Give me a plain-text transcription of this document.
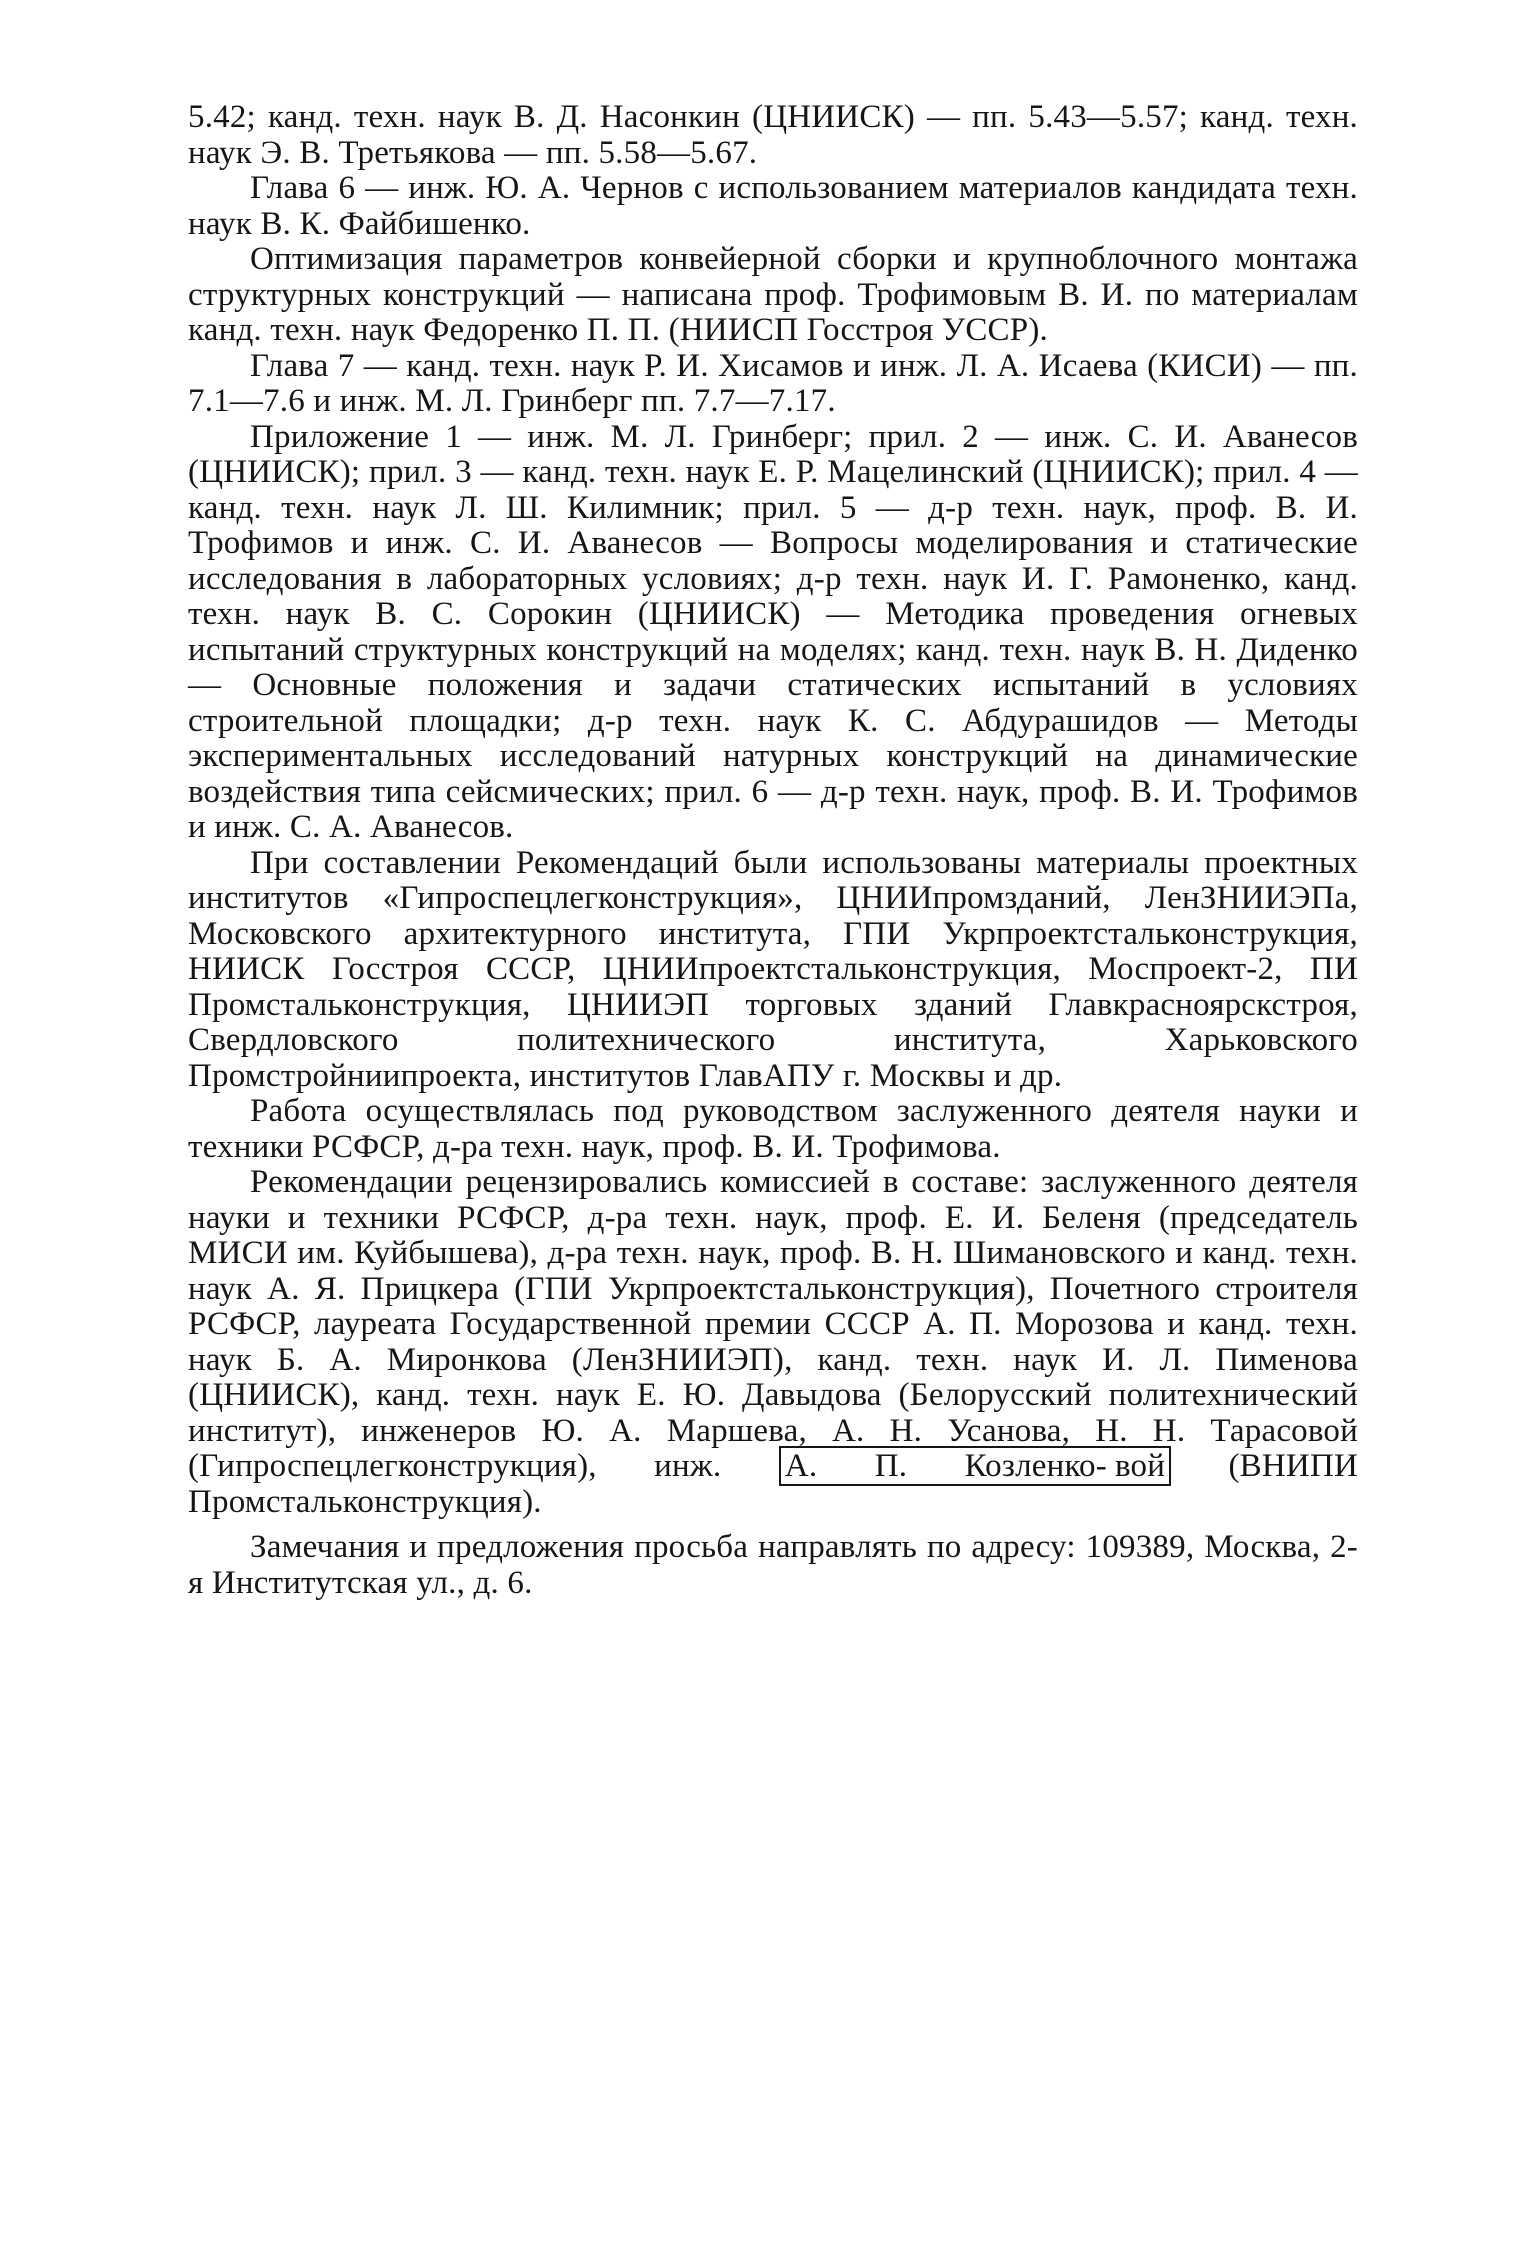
5.42; канд. техн. наук В. Д. Насонкин (ЦНИИСК) — пп. 5.43—5.57; канд. техн. наук Э. В. Третьякова — пп. 5.58—5.67.

Глава 6 — инж. Ю. А. Чернов с использованием материалов кандидата техн. наук В. К. Файбишенко.

Оптимизация параметров конвейерной сборки и крупноблочного монтажа структурных конструкций — написана проф. Трофимовым В. И. по материалам канд. техн. наук Федоренко П. П. (НИИСП Госстроя УССР).

Глава 7 — канд. техн. наук Р. И. Хисамов и инж. Л. А. Исаева (КИСИ) — пп. 7.1—7.6 и инж. М. Л. Гринберг пп. 7.7—7.17.

Приложение 1 — инж. М. Л. Гринберг; прил. 2 — инж. С. И. Аванесов (ЦНИИСК); прил. 3 — канд. техн. наук Е. Р. Мацелинский (ЦНИИСК); прил. 4 — канд. техн. наук Л. Ш. Килимник; прил. 5 — д-р техн. наук, проф. В. И. Трофимов и инж. С. И. Аванесов — Вопросы моделирования и статические исследования в лабораторных условиях; д-р техн. наук И. Г. Рамоненко, канд. техн. наук В. С. Сорокин (ЦНИИСК) — Методика проведения огневых испытаний структурных конструкций на моделях; канд. техн. наук В. Н. Диденко — Основные положения и задачи статических испытаний в условиях строительной площадки; д-р техн. наук К. С. Абдурашидов — Методы экспериментальных исследований натурных конструкций на динамические воздействия типа сейсмических; прил. 6 — д-р техн. наук, проф. В. И. Трофимов и инж. С. А. Аванесов.

При составлении Рекомендаций были использованы материалы проектных институтов «Гипроспецлегконструкция», ЦНИИпромзданий, ЛенЗНИИЭПа, Московского архитектурного института, ГПИ Укрпроектстальконструкция, НИИСК Госстроя СССР, ЦНИИпроектстальконструкция, Моспроект-2, ПИ Промстальконструкция, ЦНИИЭП торговых зданий Главкрасноярскстроя, Свердловского политехнического института, Харьковского Промстройниипроекта, институтов ГлавАПУ г. Москвы и др.

Работа осуществлялась под руководством заслуженного деятеля науки и техники РСФСР, д-ра техн. наук, проф. В. И. Трофимова.

Рекомендации рецензировались комиссией в составе: заслуженного деятеля науки и техники РСФСР, д-ра техн. наук, проф. Е. И. Беленя (председатель МИСИ им. Куйбышева), д-ра техн. наук, проф. В. Н. Шимановского и канд. техн. наук А. Я. Прицкера (ГПИ Укрпроектстальконструкция), Почетного строителя РСФСР, лауреата Государственной премии СССР А. П. Морозова и канд. техн. наук Б. А. Миронкова (ЛенЗНИИЭП), канд. техн. наук И. Л. Пименова (ЦНИИСК), канд. техн. наук Е. Ю. Давыдова (Белорусский политехнический институт), инженеров Ю. А. Маршева, А. Н. Усанова, Н. Н. Тарасовой (Гипроспецлегконструкция), инж. А. П. Козленко- вой (ВНИПИ Промстальконструкция).

Замечания и предложения просьба направлять по адресу: 109389, Москва, 2-я Институтская ул., д. 6.
